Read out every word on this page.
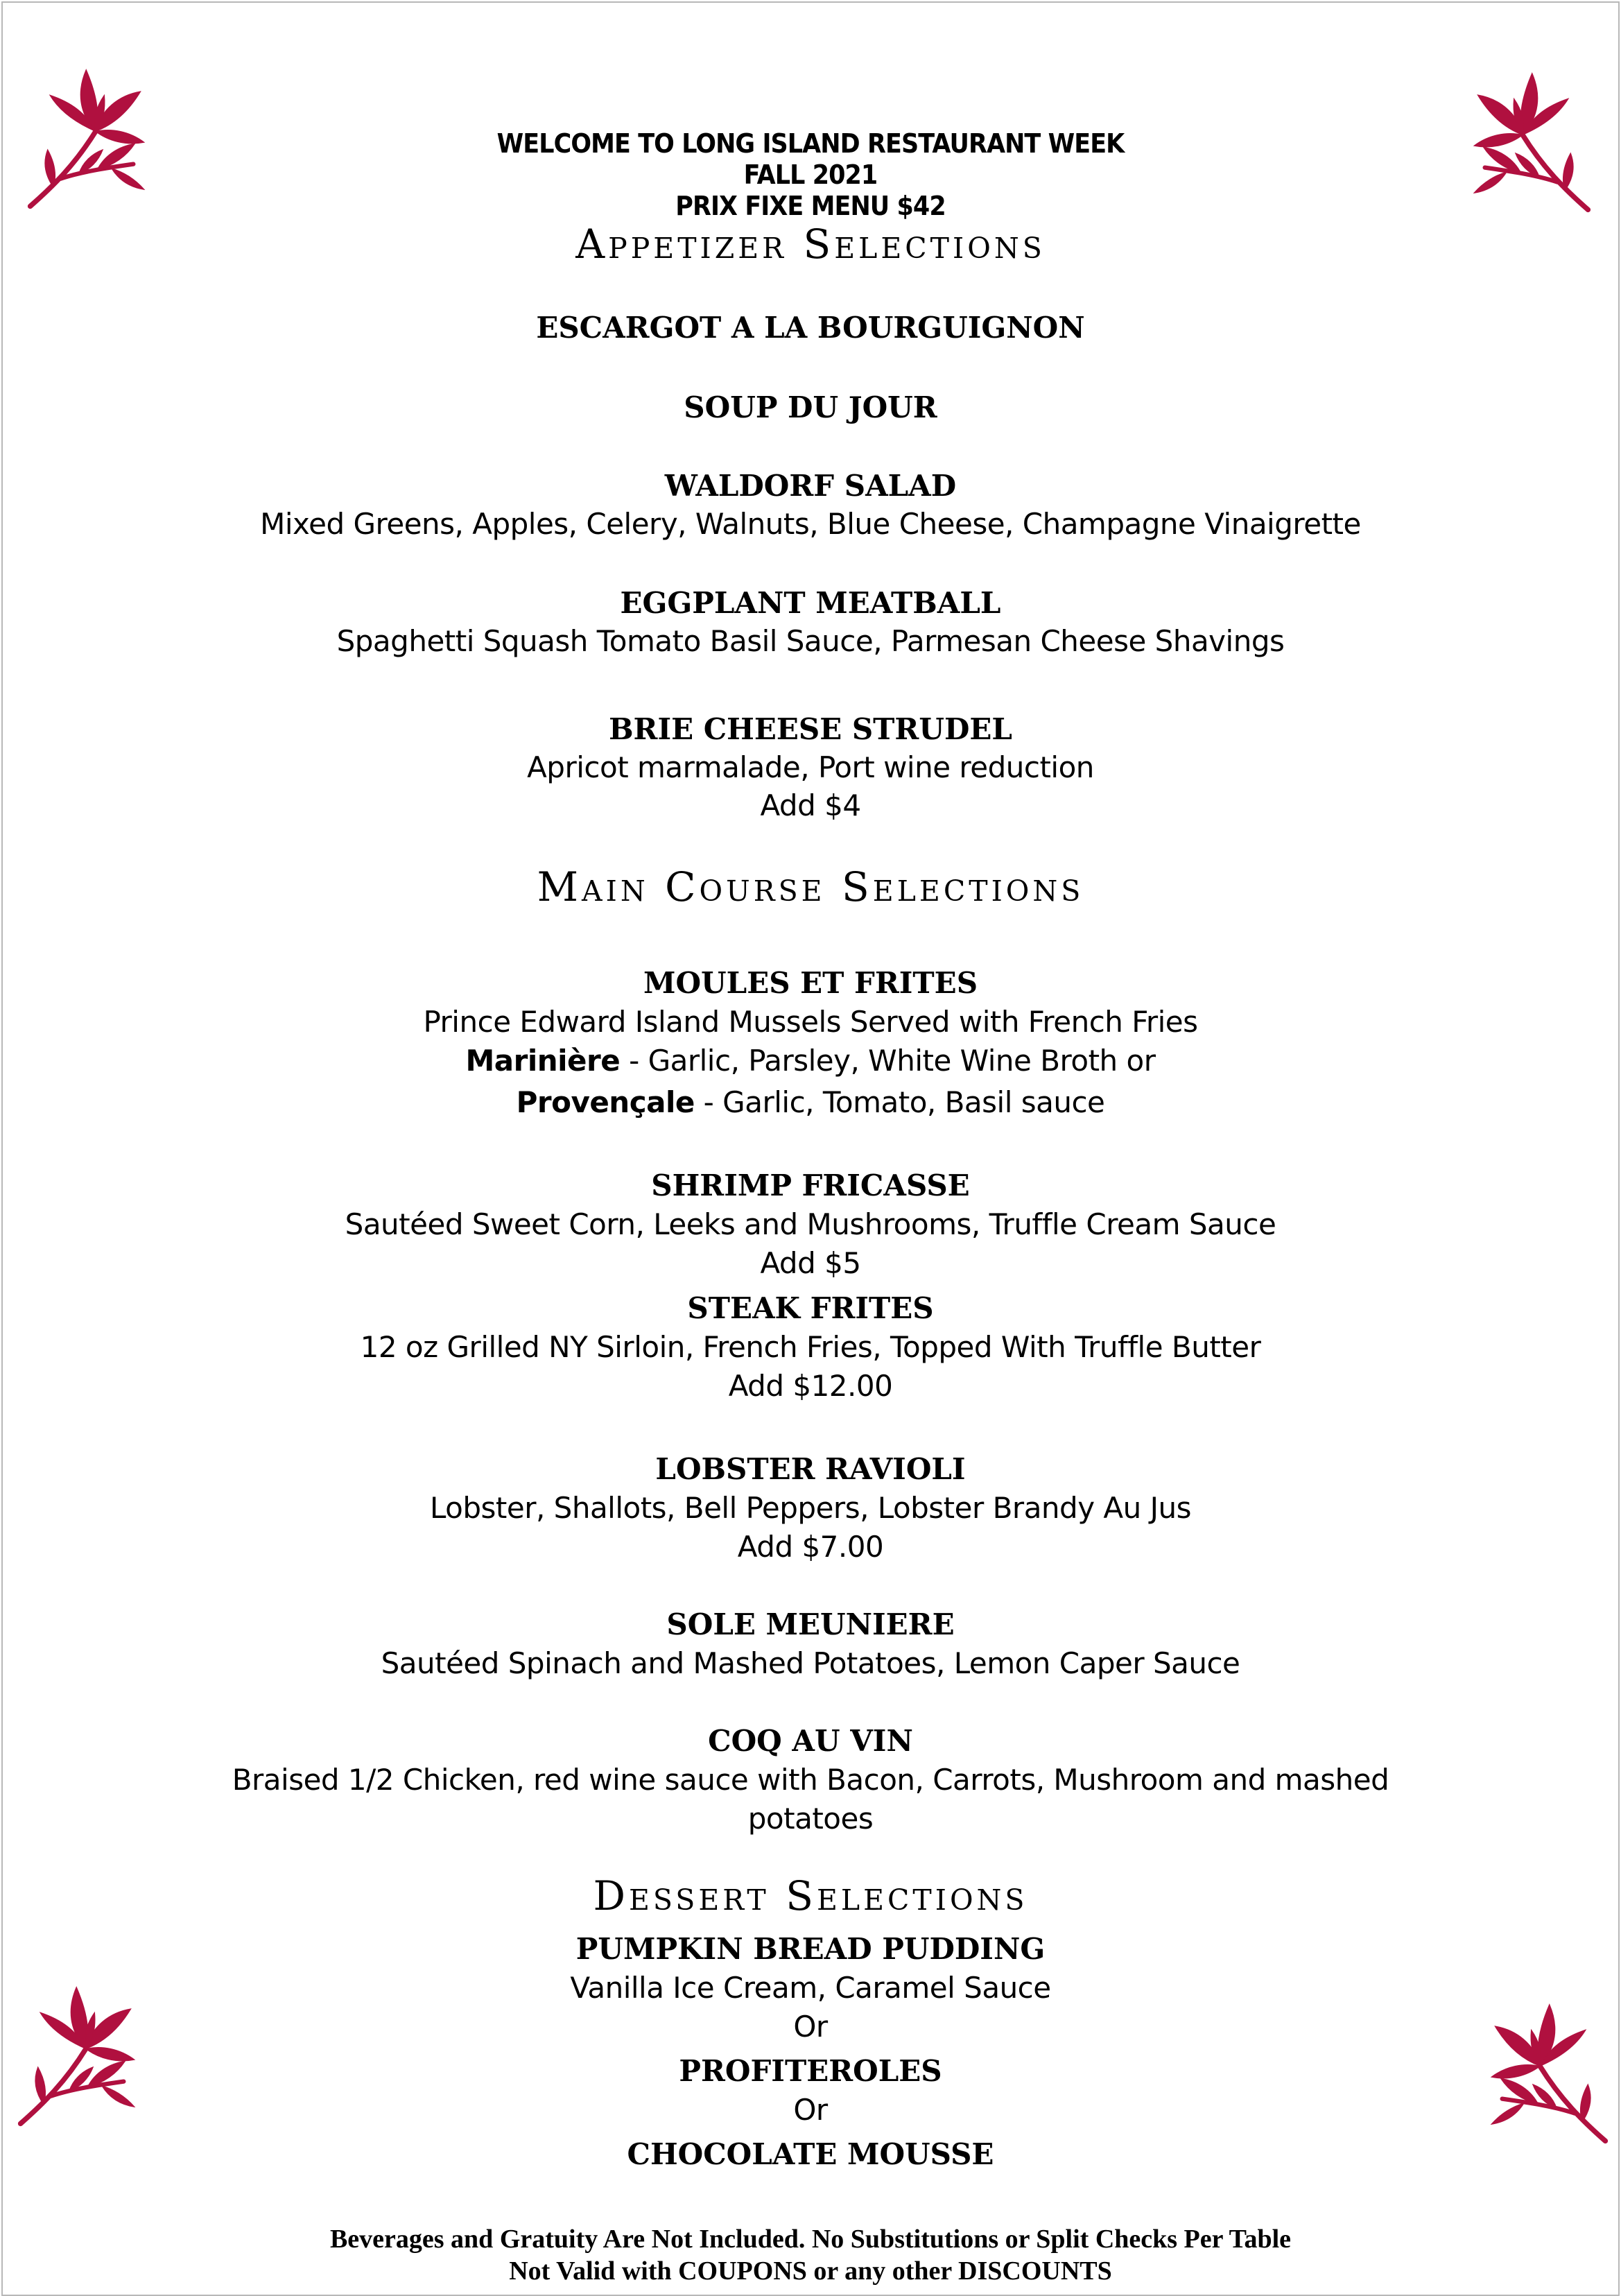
WELCOME TO LONG ISLAND RESTAURANT WEEK
FALL 2021
PRIX FIXE MENU $42
Appetizer Selections
ESCARGOT A LA BOURGUIGNON
SOUP DU JOUR
WALDORF SALAD
Mixed Greens, Apples, Celery, Walnuts, Blue Cheese, Champagne Vinaigrette
EGGPLANT MEATBALL
Spaghetti Squash Tomato Basil Sauce, Parmesan Cheese Shavings
BRIE CHEESE STRUDEL
Apricot marmalade, Port wine reduction
Add $4
Main Course Selections
MOULES ET FRITES
Prince Edward Island Mussels Served with French Fries
Marinière - Garlic, Parsley, White Wine Broth or
Provençale - Garlic, Tomato, Basil sauce
SHRIMP FRICASSE
Sautéed Sweet Corn, Leeks and Mushrooms, Truffle Cream Sauce
Add $5
STEAK FRITES
12 oz Grilled NY Sirloin, French Fries, Topped With Truffle Butter
Add $12.00
LOBSTER RAVIOLI
Lobster, Shallots, Bell Peppers, Lobster Brandy Au Jus
Add $7.00
SOLE MEUNIERE
Sautéed Spinach and Mashed Potatoes, Lemon Caper Sauce
COQ AU VIN
Braised 1/2 Chicken, red wine sauce with Bacon, Carrots, Mushroom and mashed
potatoes
Dessert Selections
PUMPKIN BREAD PUDDING
Vanilla Ice Cream, Caramel Sauce
Or
PROFITEROLES
Or
CHOCOLATE MOUSSE
Beverages and Gratuity Are Not Included. No Substitutions or Split Checks Per Table
Not Valid with COUPONS or any other DISCOUNTS
